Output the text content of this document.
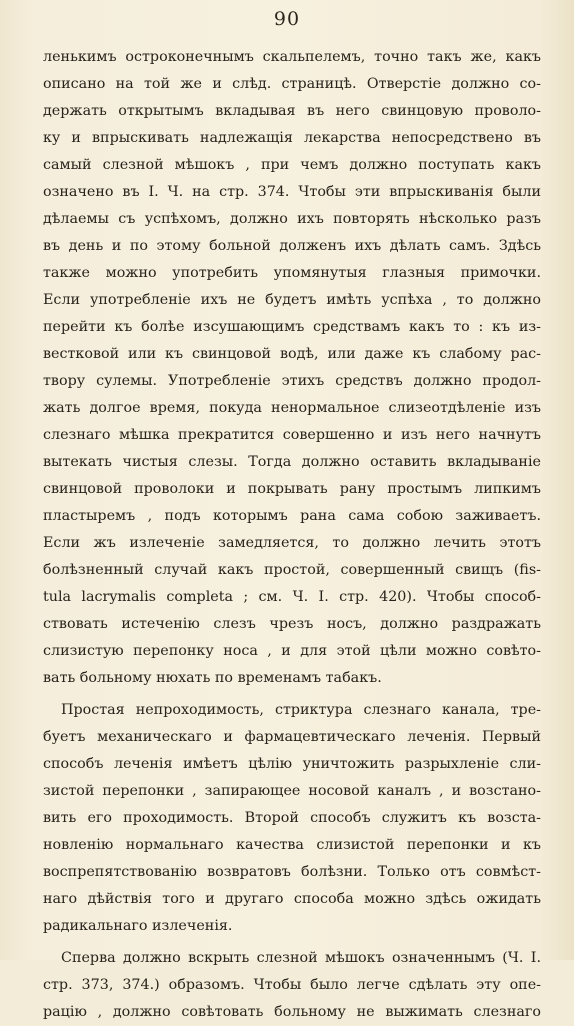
90
ленькимъ остроконечнымъ скальпелемъ, точно такъ же, какъ
описано на той же и слѣд. страницѣ. Отверстіе должно со-
держать открытымъ вкладывая въ него свинцовую проволо-
ку и впрыскивать надлежащія лекарства непосредствено въ
самый слезной мѣшокъ , при чемъ должно поступать какъ
означено въ I. Ч. на стр. 374. Чтобы эти впрыскиванія были
дѣлаемы съ успѣхомъ, должно ихъ повторять нѣсколько разъ
въ день и по этому больной долженъ ихъ дѣлать самъ. Здѣсь
также можно употребить упомянутыя глазныя примочки.
Если употребленіе ихъ не будетъ имѣть успѣха , то должно
перейти къ болѣе изсушающимъ средствамъ какъ то : къ из-
вестковой или къ свинцовой водѣ, или даже къ слабому рас-
твору сулемы. Употребленіе этихъ средствъ должно продол-
жать долгое время, покуда ненормальное слизеотдѣленіе изъ
слезнаго мѣшка прекратится совершенно и изъ него начнутъ
вытекать чистыя слезы. Тогда должно оставить вкладываніе
свинцовой проволоки и покрывать рану простымъ липкимъ
пластыремъ , подъ которымъ рана сама собою заживаетъ.
Если жъ излеченіе замедляется, то должно лечить этотъ
болѣзненный случай какъ простой, совершенный свищъ (fis-
tula lacrymalis completa ; см. Ч. I. стр. 420). Чтобы способ-
ствовать истеченію слезъ чрезъ носъ, должно раздражать
слизистую перепонку носа , и для этой цѣли можно совѣто-
вать больному нюхать по временамъ табакъ.
Простая непроходимость, стриктура слезнаго канала, тре-
буетъ механическаго и фармацевтическаго леченія. Первый
способъ леченія имѣетъ цѣлію уничтожить разрыхленіе сли-
зистой перепонки , запирающее носовой каналъ , и возстано-
вить его проходимость. Второй способъ служитъ къ возста-
новленію нормальнаго качества слизистой перепонки и къ
воспрепятствованію возвратовъ болѣзни. Только отъ совмѣст-
наго дѣйствія того и другаго способа можно здѣсь ожидать
радикальнаго излеченія.
Сперва должно вскрыть слезной мѣшокъ означеннымъ (Ч. I.
стр. 373, 374.) образомъ. Чтобы было легче сдѣлать эту опе-
рацію , должно совѣтовать больному не выжимать слезнаго
